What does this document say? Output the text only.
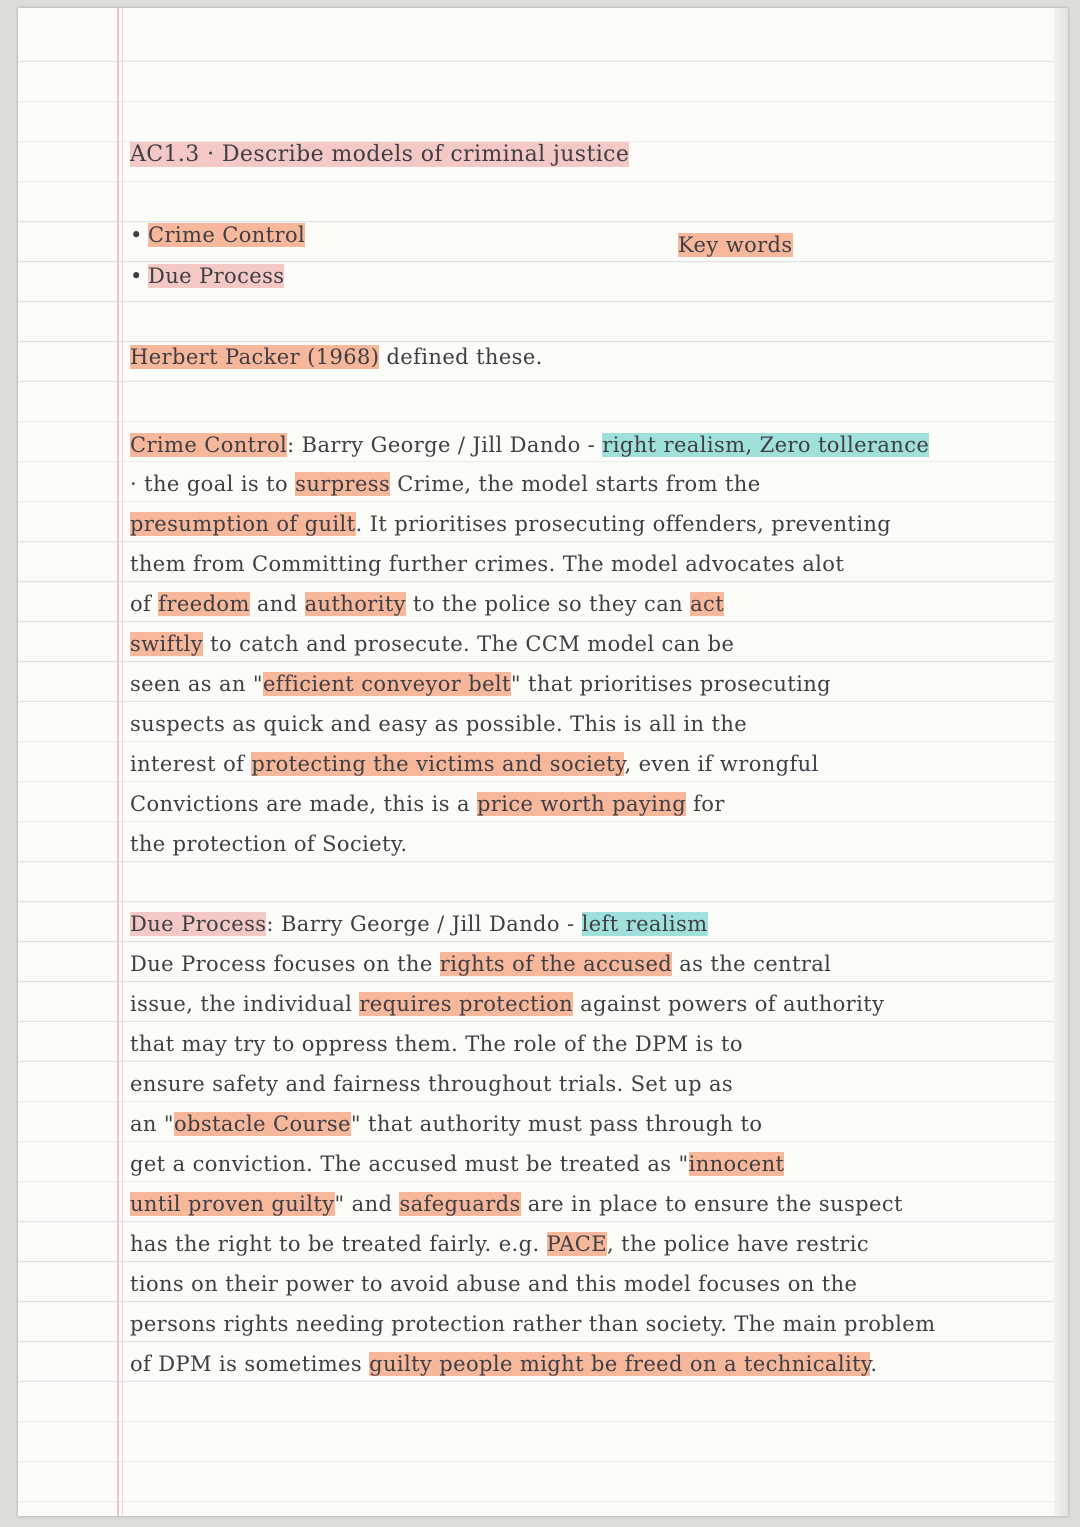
AC1.3 · Describe models of criminal justice

• Crime Control

• Due Process

Key words

Herbert Packer (1968) defined these.

Crime Control: Barry George / Jill Dando - right realism, Zero tollerance

· the goal is to surpress Crime, the model starts from the

presumption of guilt. It prioritises prosecuting offenders, preventing

them from Committing further crimes. The model advocates alot

of freedom and authority to the police so they can act

swiftly to catch and prosecute. The CCM model can be

seen as an "efficient conveyor belt" that prioritises prosecuting

suspects as quick and easy as possible. This is all in the

interest of protecting the victims and society, even if wrongful

Convictions are made, this is a price worth paying for

the protection of Society.

Due Process: Barry George / Jill Dando - left realism

Due Process focuses on the rights of the accused as the central

issue, the individual requires protection against powers of authority

that may try to oppress them. The role of the DPM is to

ensure safety and fairness throughout trials. Set up as

an "obstacle Course" that authority must pass through to

get a conviction. The accused must be treated as "innocent

until proven guilty" and safeguards are in place to ensure the suspect

has the right to be treated fairly. e.g. PACE, the police have restric

tions on their power to avoid abuse and this model focuses on the

persons rights needing protection rather than society. The main problem

of DPM is sometimes guilty people might be freed on a technicality.
